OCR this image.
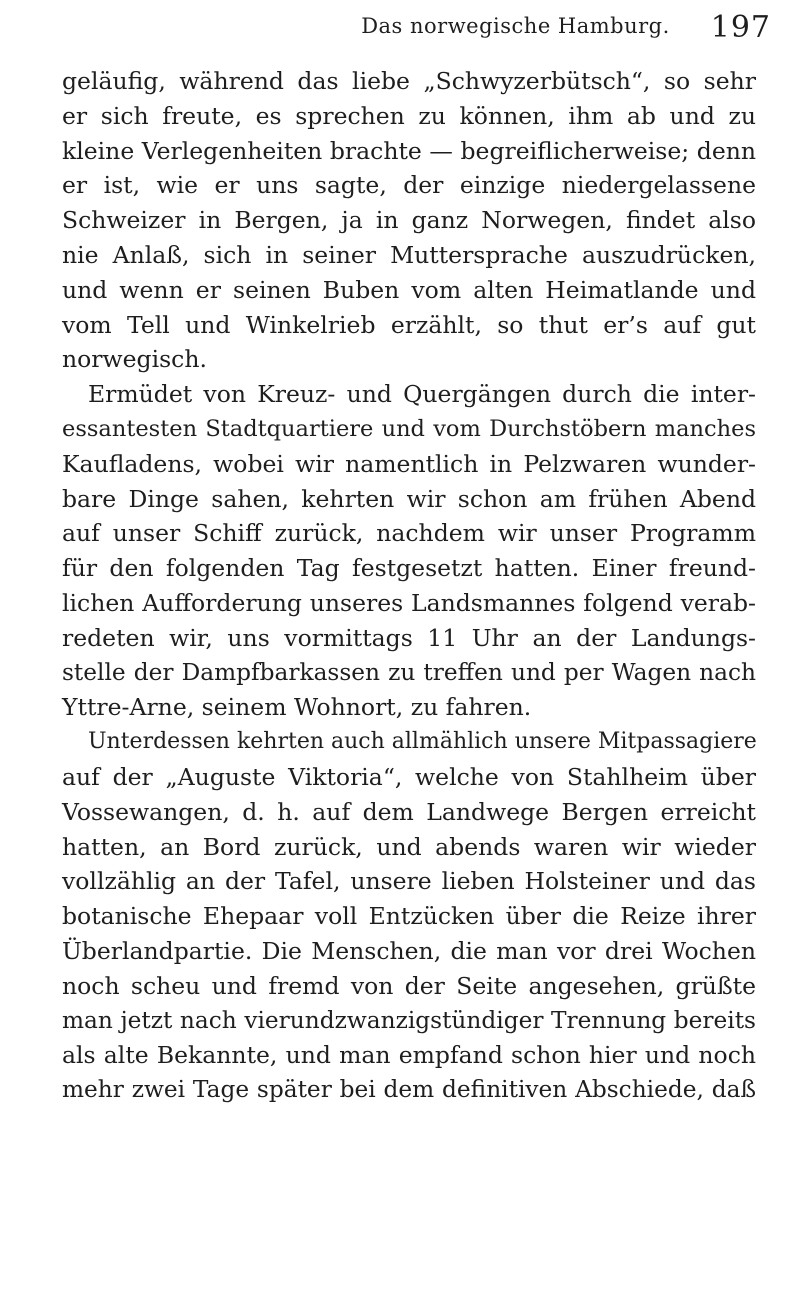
Das norwegische Hamburg.	197
geläufig, während das liebe „Schwyzerbütsch“, so sehr
er sich freute, es sprechen zu können, ihm ab und zu
kleine Verlegenheiten brachte — begreiflicherweise; denn
er ist, wie er uns sagte, der einzige niedergelassene
Schweizer in Bergen, ja in ganz Norwegen, findet also
nie Anlaß, sich in seiner Muttersprache auszudrücken,
und wenn er seinen Buben vom alten Heimatlande und
vom Tell und Winkelrieb erzählt, so thut er’s auf gut
norwegisch.
Ermüdet von Kreuz- und Quergängen durch die inter-
essantesten Stadtquartiere und vom Durchstöbern manches
Kaufladens, wobei wir namentlich in Pelzwaren wunder-
bare Dinge sahen, kehrten wir schon am frühen Abend
auf unser Schiff zurück, nachdem wir unser Programm
für den folgenden Tag festgesetzt hatten. Einer freund-
lichen Aufforderung unseres Landsmannes folgend verab-
redeten wir, uns vormittags 11 Uhr an der Landungs-
stelle der Dampfbarkassen zu treffen und per Wagen nach
Yttre-Arne, seinem Wohnort, zu fahren.
Unterdessen kehrten auch allmählich unsere Mitpassagiere
auf der „Auguste Viktoria“, welche von Stahlheim über
Vossewangen, d. h. auf dem Landwege Bergen erreicht
hatten, an Bord zurück, und abends waren wir wieder
vollzählig an der Tafel, unsere lieben Holsteiner und das
botanische Ehepaar voll Entzücken über die Reize ihrer
Überlandpartie. Die Menschen, die man vor drei Wochen
noch scheu und fremd von der Seite angesehen, grüßte
man jetzt nach vierundzwanzigstündiger Trennung bereits
als alte Bekannte, und man empfand schon hier und noch
mehr zwei Tage später bei dem definitiven Abschiede, daß
